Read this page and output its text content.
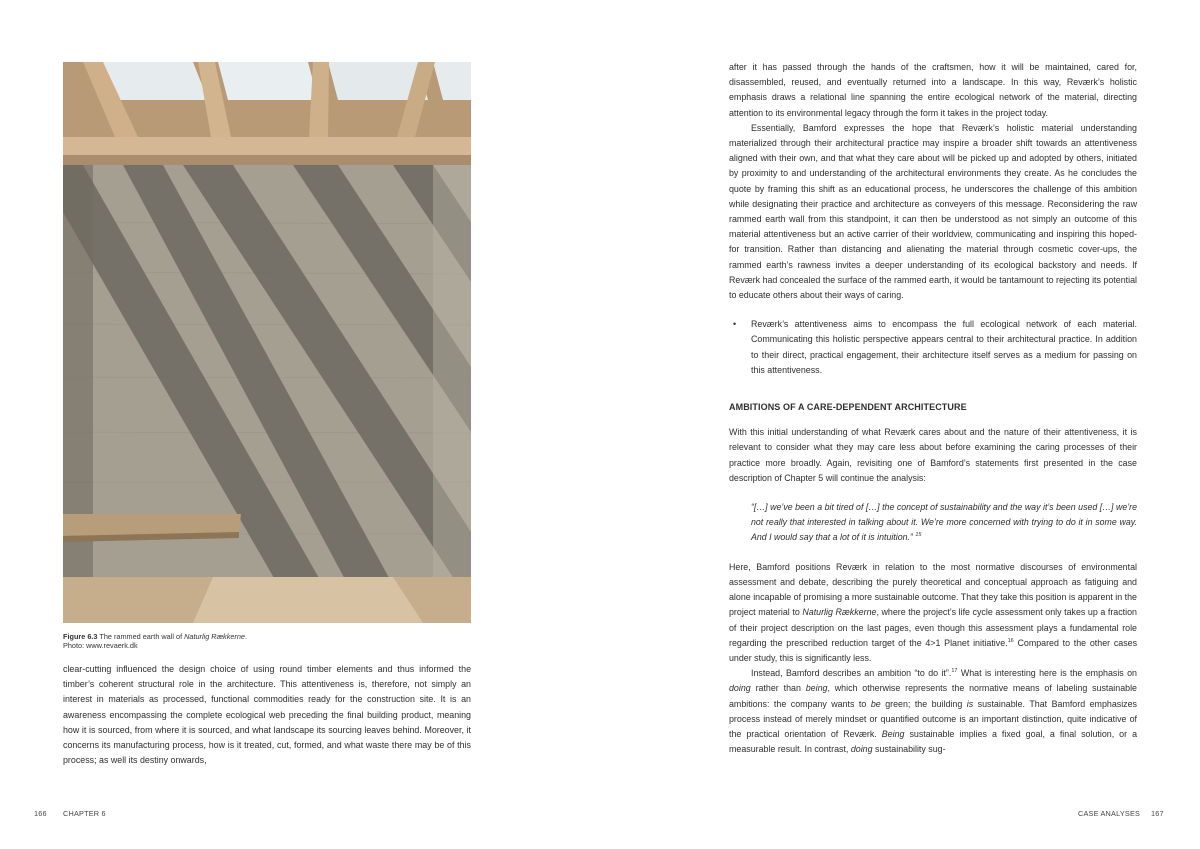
Figure 6.3 The rammed earth wall of Naturlig Rækkerne.
Photo: www.revaerk.dk

clear-cutting influenced the design choice of using round timber elements and thus informed the timber’s coherent structural role in the architecture. This attentiveness is, therefore, not simply an interest in materials as processed, functional commodities ready for the construction site. It is an awareness encompassing the complete ecological web preceding the final building product, meaning how it is sourced, from where it is sourced, and what landscape its sourcing leaves behind. Moreover, it concerns its manufacturing process, how is it treated, cut, formed, and what waste there may be of this process; as well its destiny onwards,

166 CHAPTER 6

after it has passed through the hands of the craftsmen, how it will be maintained, cared for, disassembled, reused, and eventually returned into a landscape. In this way, Reværk’s holistic emphasis draws a relational line spanning the entire ecological network of the material, directing attention to its environmental legacy through the form it takes in the project today.

Essentially, Bamford expresses the hope that Reværk’s holistic material understanding materialized through their architectural practice may inspire a broader shift towards an attentiveness aligned with their own, and that what they care about will be picked up and adopted by others, initiated by proximity to and understanding of the architectural environments they create. As he concludes the quote by framing this shift as an educational process, he underscores the challenge of this ambition while designating their practice and architecture as conveyers of this message. Reconsidering the raw rammed earth wall from this standpoint, it can then be understood as not simply an outcome of this material attentiveness but an active carrier of their worldview, communicating and inspiring this hoped-for transition. Rather than distancing and alienating the material through cosmetic cover-ups, the rammed earth’s rawness invites a deeper understanding of its ecological backstory and needs. If Reværk had concealed the surface of the rammed earth, it would be tantamount to rejecting its potential to educate others about their ways of caring.

• Reværk’s attentiveness aims to encompass the full ecological network of each material. Communicating this holistic perspective appears central to their architectural practice. In addition to their direct, practical engagement, their architecture itself serves as a medium for passing on this attentiveness.

AMBITIONS OF A CARE-DEPENDENT ARCHITECTURE

With this initial understanding of what Reværk cares about and the nature of their attentiveness, it is relevant to consider what they may care less about before examining the caring processes of their practice more broadly. Again, revisiting one of Bamford’s statements first presented in the case description of Chapter 5 will continue the analysis:

“[…] we’ve been a bit tired of […] the concept of sustainability and the way it’s been used […] we’re not really that interested in talking about it. We’re more concerned with trying to do it in some way. And I would say that a lot of it is intuition.” $^{15}$

Here, Bamford positions Reværk in relation to the most normative discourses of environmental assessment and debate, describing the purely theoretical and conceptual approach as fatiguing and alone incapable of promising a more sustainable outcome. That they take this position is apparent in the project material to Naturlig Rækkerne, where the project’s life cycle assessment only takes up a fraction of their project description on the last pages, even though this assessment plays a fundamental role regarding the prescribed reduction target of the 4>1 Planet initiative.$^{16}$ Compared to the other cases under study, this is significantly less.

Instead, Bamford describes an ambition “to do it”.$^{17}$ What is interesting here is the emphasis on doing rather than being, which otherwise represents the normative means of labeling sustainable ambitions: the company wants to be green; the building is sustainable. That Bamford emphasizes process instead of merely mindset or quantified outcome is an important distinction, quite indicative of the practical orientation of Reværk. Being sustainable implies a fixed goal, a final solution, or a measurable result. In contrast, doing sustainability sug-

CASE ANALYSES 167
